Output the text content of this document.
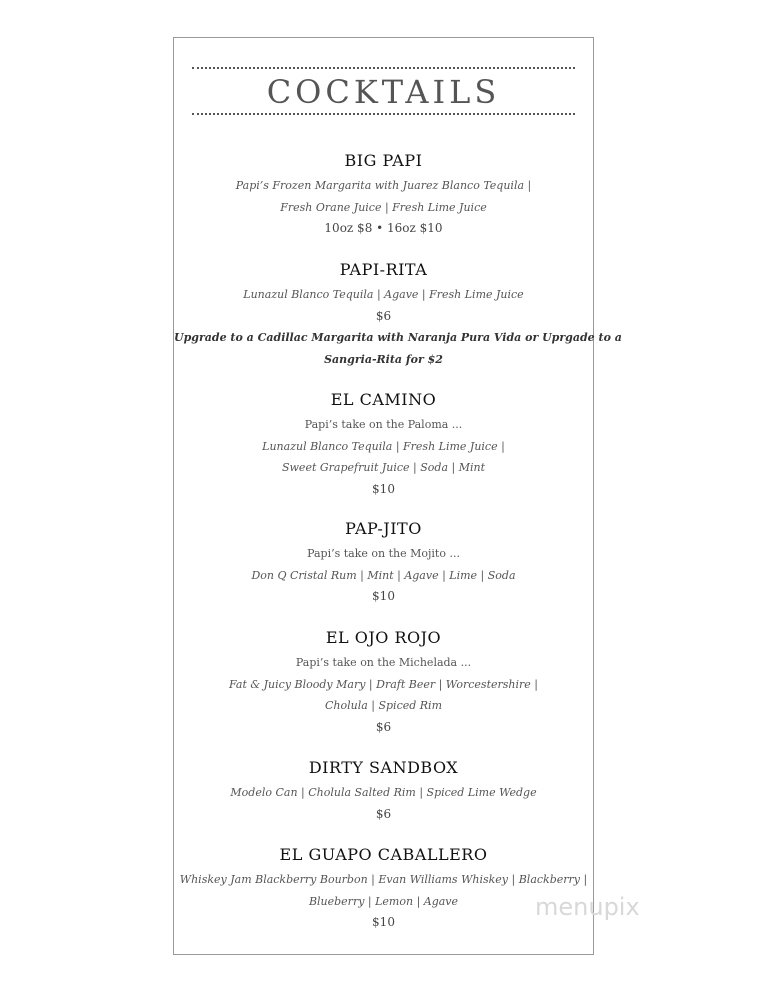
COCKTAILS
BIG PAPI
Papi’s Frozen Margarita with Juarez Blanco Tequila |
Fresh Orane Juice | Fresh Lime Juice
10oz $8 • 16oz $10
PAPI-RITA
Lunazul Blanco Tequila | Agave | Fresh Lime Juice
$6
Upgrade to a Cadillac Margarita with Naranja Pura Vida or Uprgade to a
Sangria-Rita for $2
EL CAMINO
Papi’s take on the Paloma ...
Lunazul Blanco Tequila | Fresh Lime Juice |
Sweet Grapefruit Juice | Soda | Mint
$10
PAP-JITO
Papi’s take on the Mojito ...
Don Q Cristal Rum | Mint | Agave | Lime | Soda
$10
EL OJO ROJO
Papi’s take on the Michelada ...
Fat & Juicy Bloody Mary | Draft Beer | Worcestershire |
Cholula | Spiced Rim
$6
DIRTY SANDBOX
Modelo Can | Cholula Salted Rim | Spiced Lime Wedge
$6
EL GUAPO CABALLERO
Whiskey Jam Blackberry Bourbon | Evan Williams Whiskey | Blackberry |
Blueberry | Lemon | Agave
$10
menupix
